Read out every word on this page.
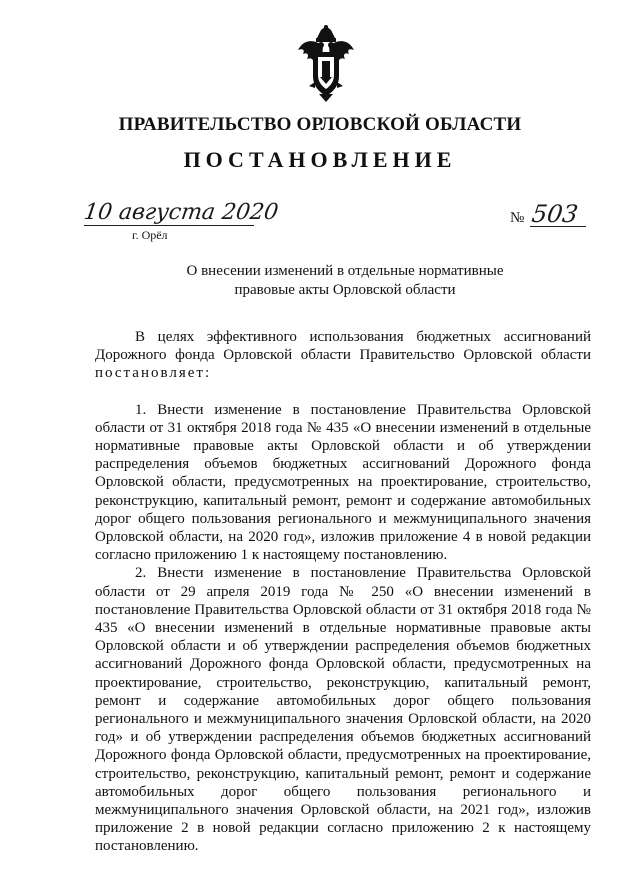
ПРАВИТЕЛЬСТВО ОРЛОВСКОЙ ОБЛАСТИ
ПОСТАНОВЛЕНИЕ
10 августа 2020
г. Орёл
№ 503
О внесении изменений в отдельные нормативные
правовые акты Орловской области

В целях эффективного использования бюджетных ассигнований Дорожного фонда Орловской области Правительство Орловской области постановляет:

1. Внести изменение в постановление Правительства Орловской области от 31 октября 2018 года № 435 «О внесении изменений в отдельные нормативные правовые акты Орловской области и об утверждении распределения объемов бюджетных ассигнований Дорожного фонда Орловской области, предусмотренных на проектирование, строительство, реконструкцию, капитальный ремонт, ремонт и содержание автомобильных дорог общего пользования регионального и межмуниципального значения Орловской области, на 2020 год», изложив приложение 4 в новой редакции согласно приложению 1 к настоящему постановлению.

2. Внести изменение в постановление Правительства Орловской области от 29 апреля 2019 года № 250 «О внесении изменений в постановление Правительства Орловской области от 31 октября 2018 года № 435 «О внесении изменений в отдельные нормативные правовые акты Орловской области и об утверждении распределения объемов бюджетных ассигнований Дорожного фонда Орловской области, предусмотренных на проектирование, строительство, реконструкцию, капитальный ремонт, ремонт и содержание автомобильных дорог общего пользования регионального и межмуниципального значения Орловской области, на 2020 год» и об утверждении распределения объемов бюджетных ассигнований Дорожного фонда Орловской области, предусмотренных на проектирование, строительство, реконструкцию, капитальный ремонт, ремонт и содержание автомобильных дорог общего пользования регионального и межмуниципального значения Орловской области, на 2021 год», изложив приложение 2 в новой редакции согласно приложению 2 к настоящему постановлению.
